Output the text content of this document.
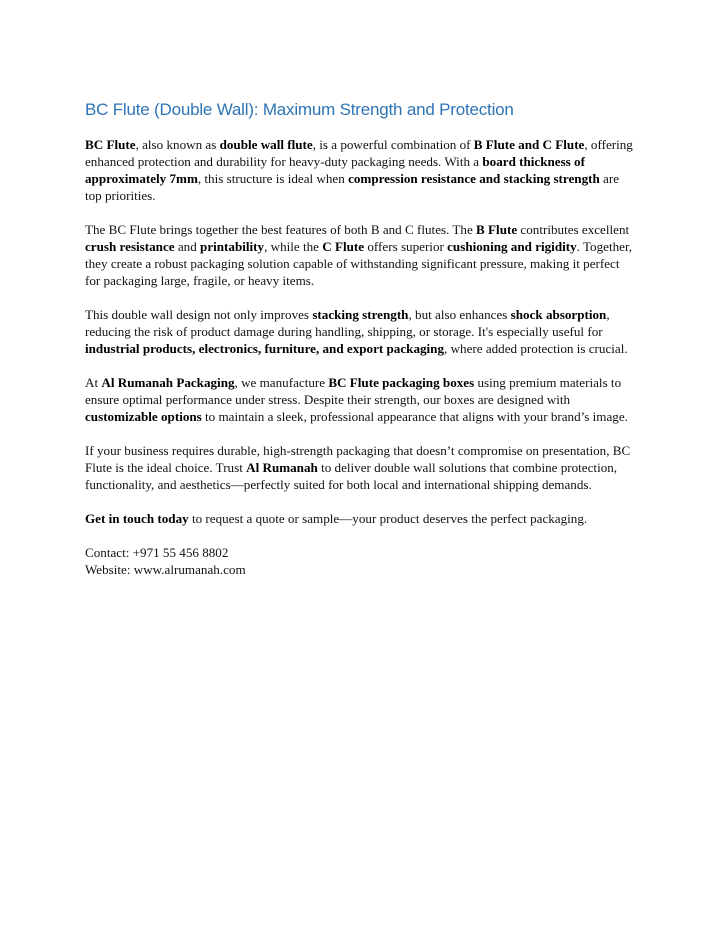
BC Flute (Double Wall): Maximum Strength and Protection

BC Flute, also known as double wall flute, is a powerful combination of B Flute and C Flute, offering enhanced protection and durability for heavy-duty packaging needs. With a board thickness of approximately 7mm, this structure is ideal when compression resistance and stacking strength are top priorities.

The BC Flute brings together the best features of both B and C flutes. The B Flute contributes excellent crush resistance and printability, while the C Flute offers superior cushioning and rigidity. Together, they create a robust packaging solution capable of withstanding significant pressure, making it perfect for packaging large, fragile, or heavy items.

This double wall design not only improves stacking strength, but also enhances shock absorption, reducing the risk of product damage during handling, shipping, or storage. It's especially useful for industrial products, electronics, furniture, and export packaging, where added protection is crucial.

At Al Rumanah Packaging, we manufacture BC Flute packaging boxes using premium materials to ensure optimal performance under stress. Despite their strength, our boxes are designed with customizable options to maintain a sleek, professional appearance that aligns with your brand’s image.

If your business requires durable, high-strength packaging that doesn’t compromise on presentation, BC Flute is the ideal choice. Trust Al Rumanah to deliver double wall solutions that combine protection, functionality, and aesthetics—perfectly suited for both local and international shipping demands.

Get in touch today to request a quote or sample—your product deserves the perfect packaging.

Contact: +971 55 456 8802

Website: www.alrumanah.com
